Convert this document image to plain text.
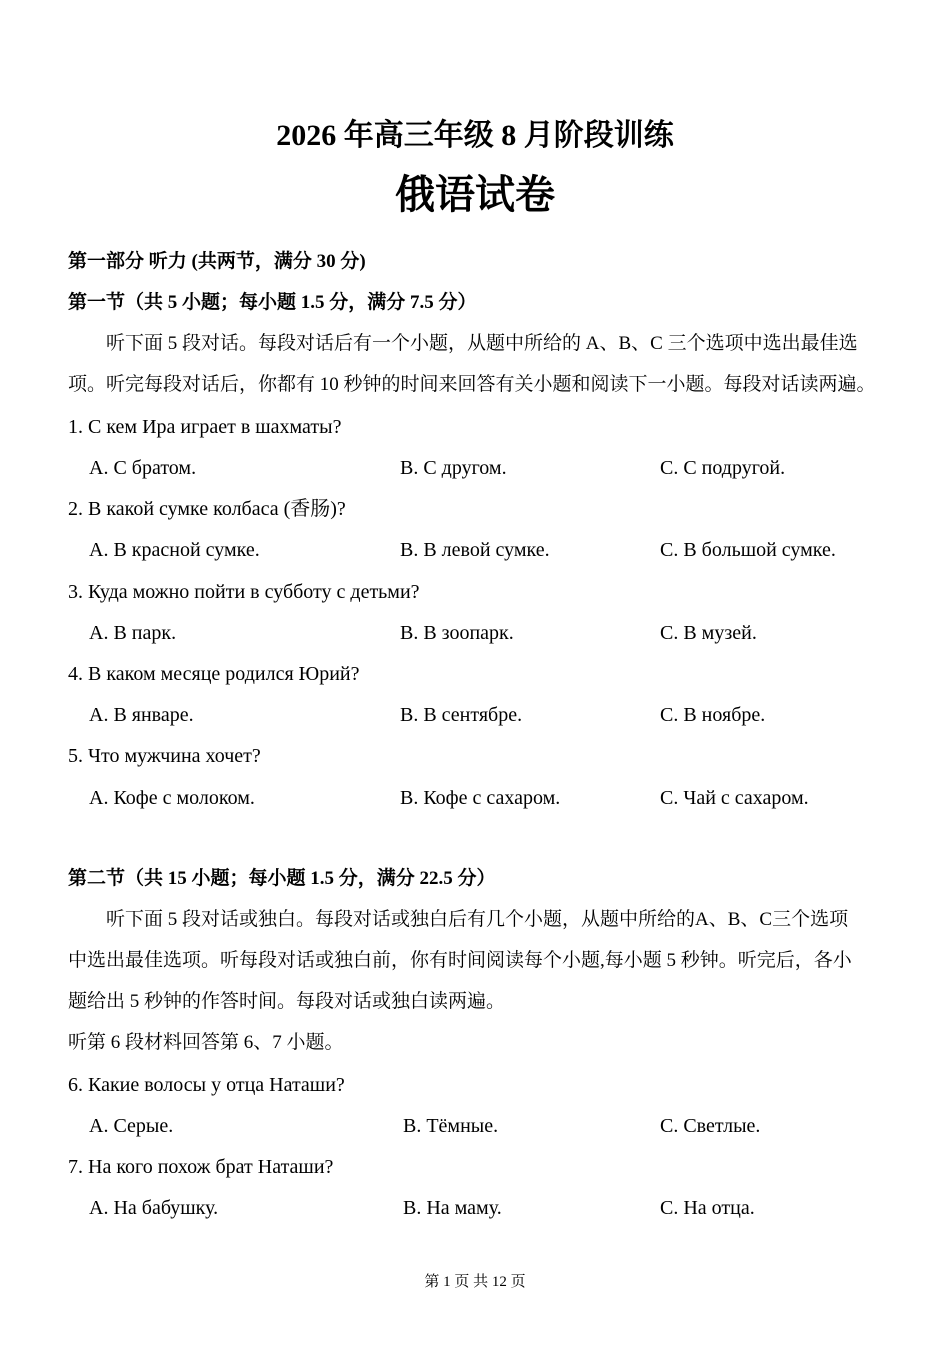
2026 年高三年级 8 月阶段训练
俄语试卷
第一部分 听力 (共两节，满分 30 分)
第一节（共 5 小题；每小题 1.5 分，满分 7.5 分）
听下面 5 段对话。每段对话后有一个小题，从题中所给的 A、B、C 三个选项中选出最佳选
项。听完每段对话后，你都有 10 秒钟的时间来回答有关小题和阅读下一小题。每段对话读两遍。
1. С кем Ира играет в шахматы?
A. С братом.	B. С другом.	C. С подругой.
2. В какой сумке колбаса (香肠)?
A. В красной сумке.	B. В левой сумке.	C. В большой сумке.
3. Куда можно пойти в субботу с детьми?
A. В парк.	B. В зоопарк.	C. В музей.
4. В каком месяце родился Юрий?
A. В январе.	B. В сентябре.	C. В ноябре.
5. Что мужчина хочет?
A. Кофе с молоком.	B. Кофе с сахаром.	C. Чай с сахаром.
第二节（共 15 小题；每小题 1.5 分，满分 22.5 分）
听下面 5 段对话或独白。每段对话或独白后有几个小题，从题中所给的A、B、C三个选项
中选出最佳选项。听每段对话或独白前，你有时间阅读每个小题,每小题 5 秒钟。听完后，各小
题给出 5 秒钟的作答时间。每段对话或独白读两遍。
听第 6 段材料回答第 6、7 小题。
6. Какие волосы у отца Наташи?
A. Серые.	B. Тёмные.	C. Светлые.
7. На кого похож брат Наташи?
A. На бабушку.	B. На маму.	C. На отца.
第 1 页 共 12 页
